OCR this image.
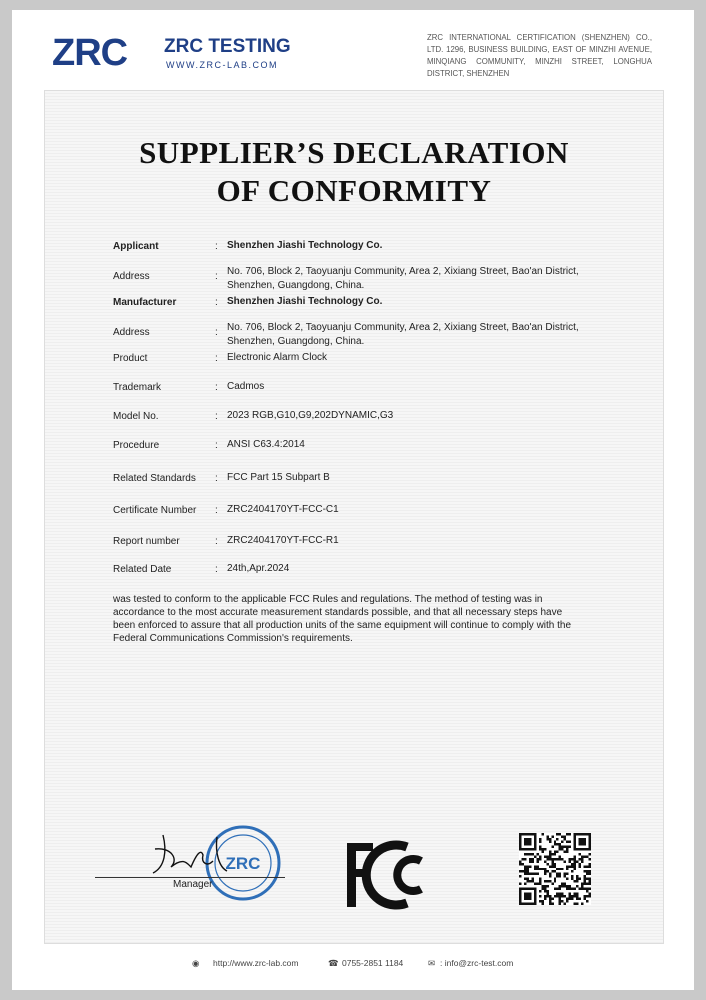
ZRC ZRC TESTING
WWW.ZRC-LAB.COM
ZRC INTERNATIONAL CERTIFICATION (SHENZHEN) CO., LTD. 1296, BUSINESS BUILDING, EAST OF MINZHI AVENUE, MINQIANG COMMUNITY, MINZHI STREET, LONGHUA DISTRICT, SHENZHEN
SUPPLIER’S DECLARATION
OF CONFORMITY
Applicant	: Shenzhen Jiashi Technology Co.
Address	: No. 706, Block 2, Taoyuanju Community, Area 2, Xixiang Street, Bao'an District, Shenzhen, Guangdong, China.
Manufacturer	: Shenzhen Jiashi Technology Co.
Address	: No. 706, Block 2, Taoyuanju Community, Area 2, Xixiang Street, Bao'an District, Shenzhen, Guangdong, China.
Product	: Electronic Alarm Clock
Trademark	: Cadmos
Model No.	: 2023 RGB,G10,G9,202DYNAMIC,G3
Procedure	: ANSI C63.4:2014
Related Standards : FCC Part 15 Subpart B
Certificate Number : ZRC2404170YT-FCC-C1
Report number	: ZRC2404170YT-FCC-R1
Related Date	: 24th,Apr.2024
was tested to conform to the applicable FCC Rules and regulations. The method of testing was in accordance to the most accurate measurement standards possible, and that all necessary steps have been enforced to assure that all production units of the same equipment will continue to comply with the Federal Communications Commission's requirements.
ZRC
Manager
◉ http://www.zrc-lab.com	☎ 0755-2851 1184	✉ : info@zrc-test.com
